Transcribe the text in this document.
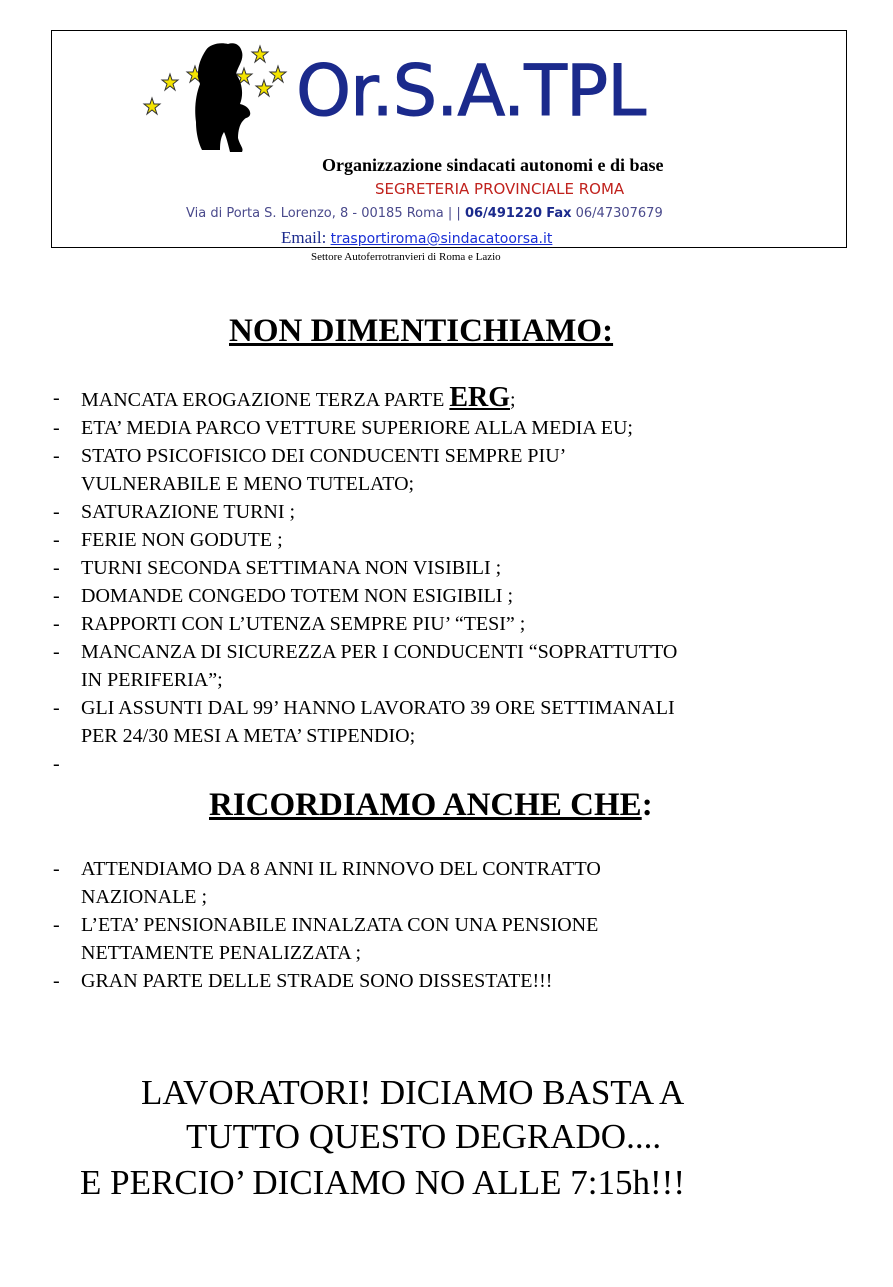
Or.S.A.TPL
Organizzazione sindacati autonomi e di base
SEGRETERIA PROVINCIALE ROMA
Via di Porta S. Lorenzo, 8 - 00185 Roma | | 06/491220 Fax 06/47307679
Email: trasportiroma@sindacatoorsa.it
Settore Autoferrotranvieri di Roma e Lazio
NON DIMENTICHIAMO:
- MANCATA EROGAZIONE TERZA PARTE ERG;
- ETA’ MEDIA PARCO VETTURE SUPERIORE ALLA MEDIA EU;
- STATO PSICOFISICO DEI CONDUCENTI SEMPRE PIU’
VULNERABILE E MENO TUTELATO;
- SATURAZIONE TURNI ;
- FERIE NON GODUTE ;
- TURNI SECONDA SETTIMANA NON VISIBILI ;
- DOMANDE CONGEDO TOTEM NON ESIGIBILI ;
- RAPPORTI CON L’UTENZA SEMPRE PIU’ “TESI” ;
- MANCANZA DI SICUREZZA PER I CONDUCENTI “SOPRATTUTTO
IN PERIFERIA”;
- GLI ASSUNTI DAL 99’ HANNO LAVORATO 39 ORE SETTIMANALI
PER 24/30 MESI A META’ STIPENDIO;
-
RICORDIAMO ANCHE CHE:
- ATTENDIAMO DA 8 ANNI IL RINNOVO DEL CONTRATTO
NAZIONALE ;
- L’ETA’ PENSIONABILE INNALZATA CON UNA PENSIONE
NETTAMENTE PENALIZZATA ;
- GRAN PARTE DELLE STRADE SONO DISSESTATE!!!
LAVORATORI! DICIAMO BASTA A
TUTTO QUESTO DEGRADO....
E PERCIO’ DICIAMO NO ALLE 7:15h!!!
